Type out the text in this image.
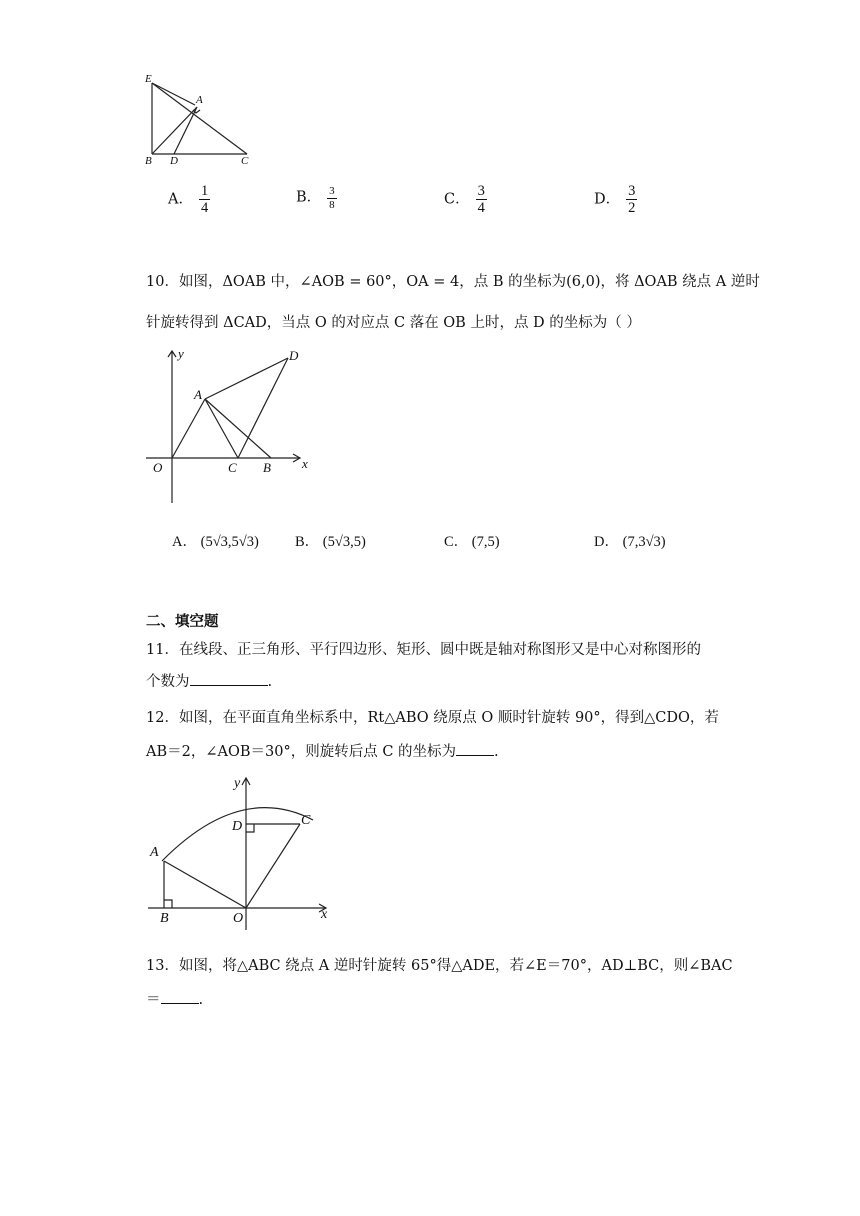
E
A
B D	C
A． $\frac{1}{4}$	B． $\frac{3}{8}$	C． $\frac{3}{4}$	D． $\frac{3}{2}$
10．如图，ΔOAB 中，∠AOB = 60°，OA = 4，点 B 的坐标为(6,0)，将 ΔOAB 绕点 A 逆时
针旋转得到 ΔCAD，当点 O 的对应点 C 落在 OB 上时，点 D 的坐标为（ ）
y
x
O
A
C B
D
A． (5√3,5√3) B． (5√3,5)	C． (7,5)	D． (7,3√3)
二、填空题
11．在线段、正三角形、平行四边形、矩形、圆中既是轴对称图形又是中心对称图形的
个数为	.
12．如图，在平面直角坐标系中，Rt△ABO 绕原点 O 顺时针旋转 90°，得到△CDO，若
AB＝2，∠AOB＝30°，则旋转后点 C 的坐标为	.
y
x
A
B	O
C
D
13．如图，将△ABC 绕点 A 逆时针旋转 65°得△ADE，若∠E＝70°，AD⊥BC，则∠BAC
＝	.
